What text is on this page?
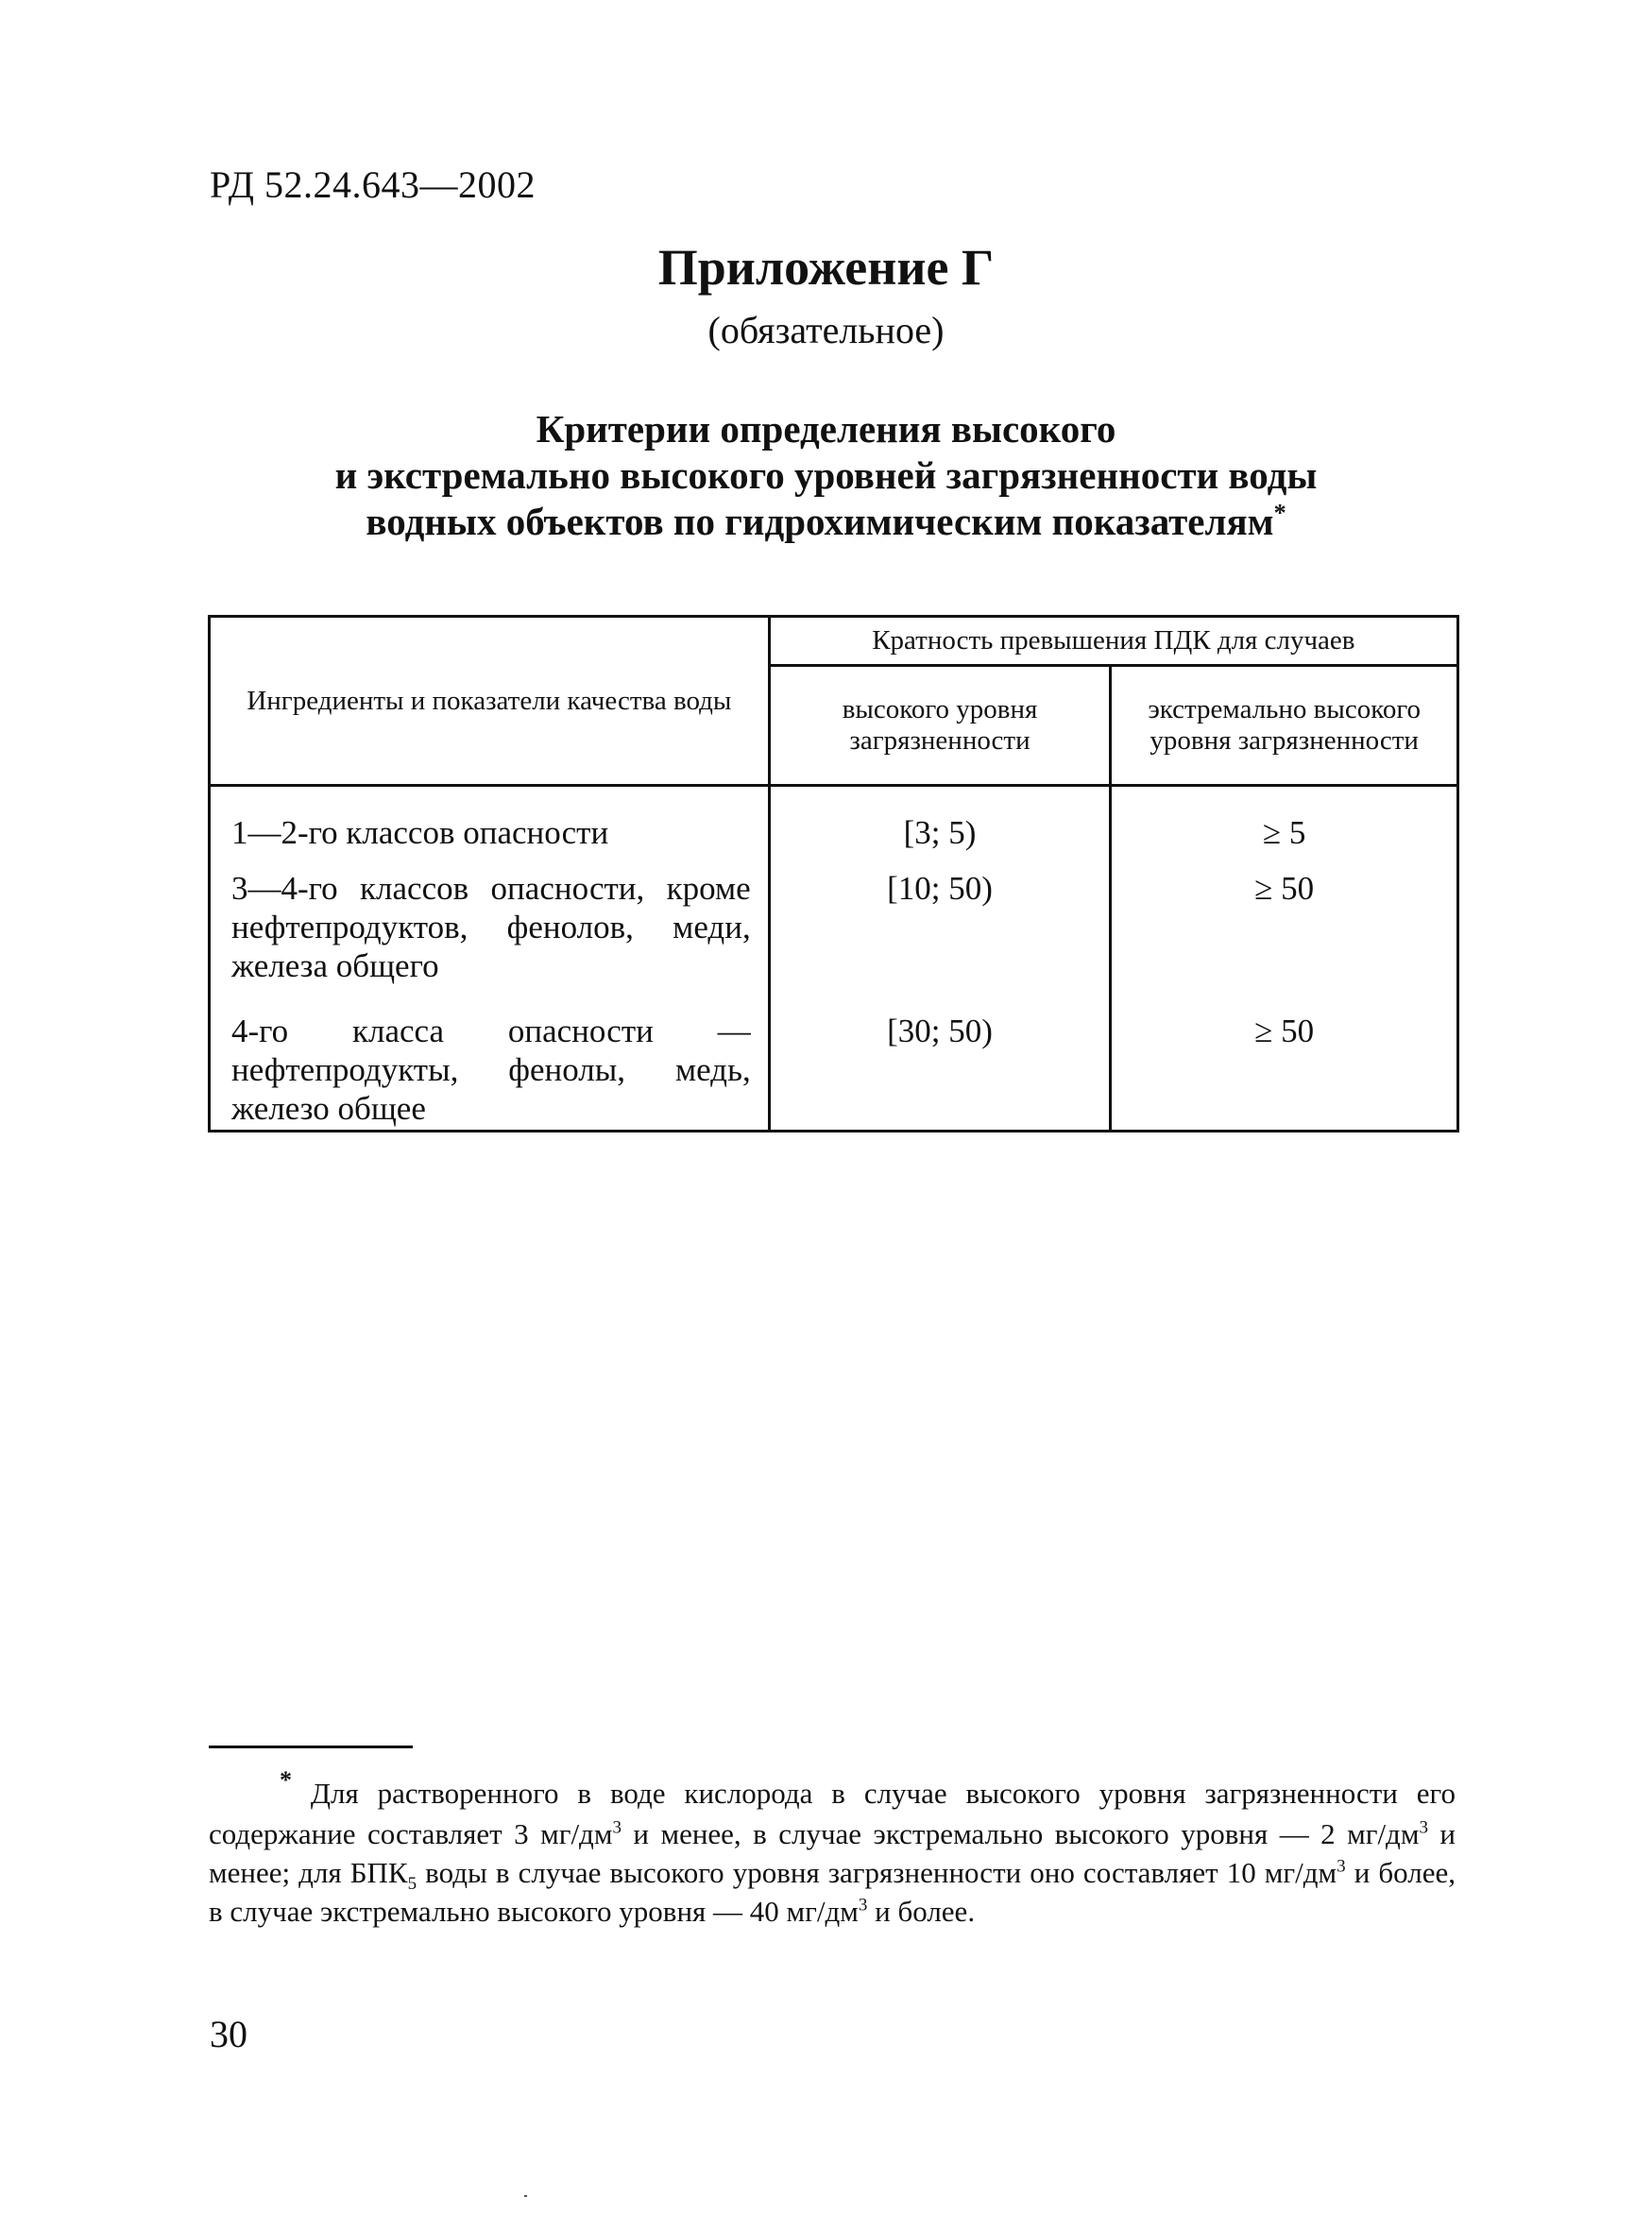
РД 52.24.643—2002
Приложение Г
(обязательное)
Критерии определения высокого
и экстремально высокого уровней загрязненности воды
водных объектов по гидрохимическим показателям*
Ингредиенты и показатели качества воды	Кратность превышения ПДК для случаев	
	высокого уровня загрязненности	экстремально высокого уровня загрязненности
1—2-го классов опасности	[3; 5)	≥ 5
3—4-го классов опасности, кроме нефтепродуктов, фенолов, меди, железа общего	[10; 50)	≥ 50
4-го класса опасности — нефтепродукты, фенолы, медь, железо общее	[30; 50)	≥ 50
* Для растворенного в воде кислорода в случае высокого уровня загрязненности его содержание составляет 3 $мг/дм^3$ и менее, в случае экстремально высокого уровня — 2 $мг/дм^3$ и менее; для $БПК_5$ воды в случае высокого уровня загрязненности оно составляет 10 $мг/дм^3$ и более, в случае экстремально высокого уровня — 40 $мг/дм^3$ и более.
30
